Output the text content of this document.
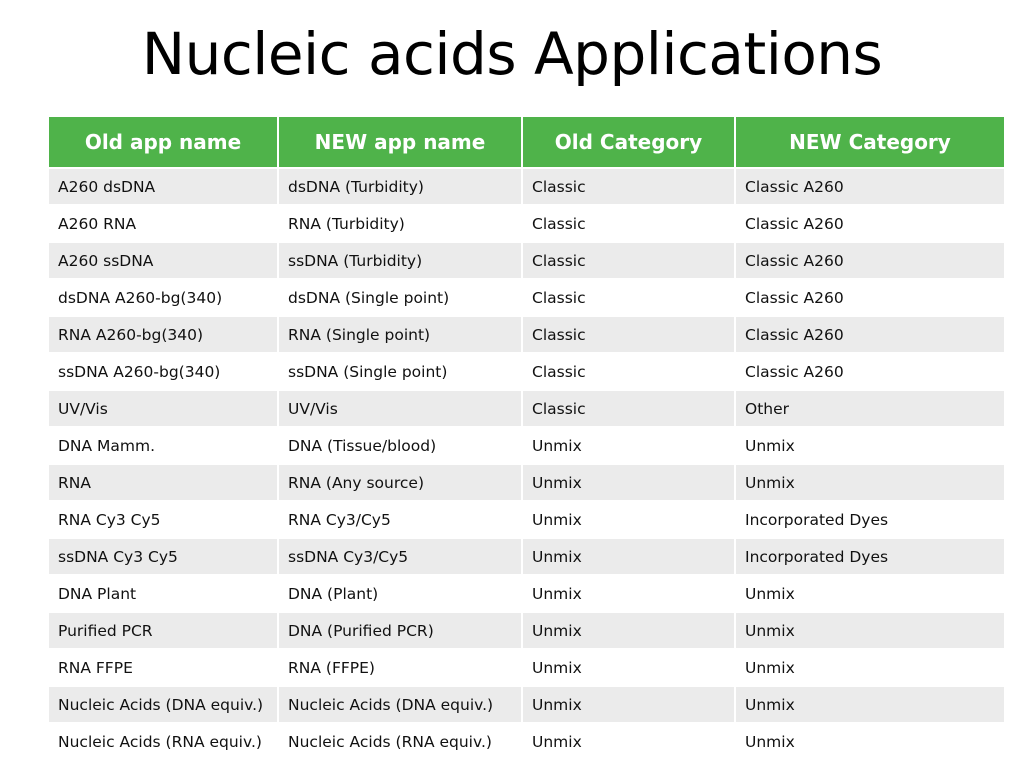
Nucleic acids Applications
Old app name	NEW app name	Old Category	NEW Category
A260 dsDNA	dsDNA (Turbidity)	Classic	Classic A260
A260 RNA	RNA (Turbidity)	Classic	Classic A260
A260 ssDNA	ssDNA (Turbidity)	Classic	Classic A260
dsDNA A260-bg(340)	dsDNA (Single point)	Classic	Classic A260
RNA A260-bg(340)	RNA (Single point)	Classic	Classic A260
ssDNA A260-bg(340)	ssDNA (Single point)	Classic	Classic A260
UV/Vis	UV/Vis	Classic	Other
DNA Mamm.	DNA (Tissue/blood)	Unmix	Unmix
RNA	RNA (Any source)	Unmix	Unmix
RNA Cy3 Cy5	RNA Cy3/Cy5	Unmix	Incorporated Dyes
ssDNA Cy3 Cy5	ssDNA Cy3/Cy5	Unmix	Incorporated Dyes
DNA Plant	DNA (Plant)	Unmix	Unmix
Purified PCR	DNA (Purified PCR)	Unmix	Unmix
RNA FFPE	RNA (FFPE)	Unmix	Unmix
Nucleic Acids (DNA equiv.)	Nucleic Acids (DNA equiv.)	Unmix	Unmix
Nucleic Acids (RNA equiv.)	Nucleic Acids (RNA equiv.)	Unmix	Unmix
